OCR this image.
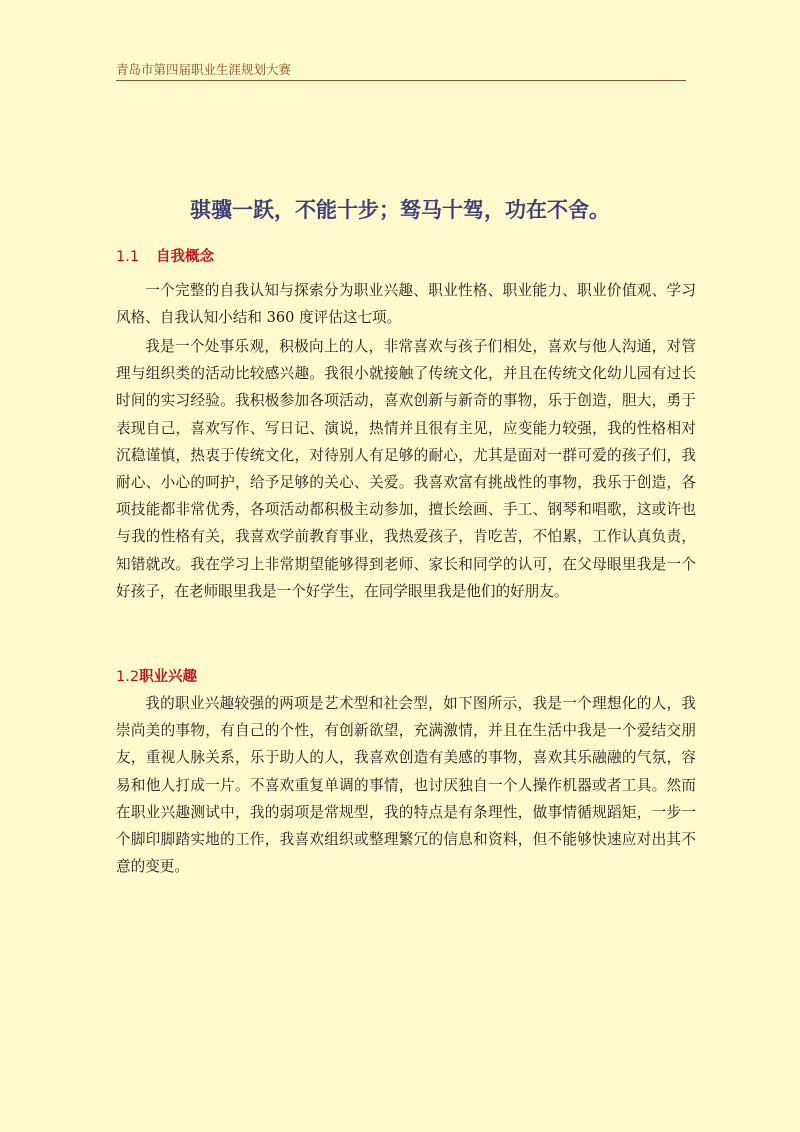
青岛市第四届职业生涯规划大赛
骐骥一跃，不能十步；驽马十驾，功在不舍。
1.1 自我概念

一个完整的自我认知与探索分为职业兴趣、职业性格、职业能力、职业价值观、学习风格、自我认知小结和 360 度评估这七项。

我是一个处事乐观，积极向上的人，非常喜欢与孩子们相处，喜欢与他人沟通，对管理与组织类的活动比较感兴趣。我很小就接触了传统文化，并且在传统文化幼儿园有过长时间的实习经验。我积极参加各项活动，喜欢创新与新奇的事物，乐于创造，胆大，勇于表现自己，喜欢写作、写日记、演说，热情并且很有主见，应变能力较强，我的性格相对沉稳谨慎，热衷于传统文化，对待别人有足够的耐心，尤其是面对一群可爱的孩子们，我耐心、小心的呵护，给予足够的关心、关爱。我喜欢富有挑战性的事物，我乐于创造，各项技能都非常优秀，各项活动都积极主动参加，擅长绘画、手工、钢琴和唱歌，这或许也与我的性格有关，我喜欢学前教育事业，我热爱孩子，肯吃苦，不怕累，工作认真负责，知错就改。我在学习上非常期望能够得到老师、家长和同学的认可，在父母眼里我是一个好孩子，在老师眼里我是一个好学生，在同学眼里我是他们的好朋友。

1.2职业兴趣

我的职业兴趣较强的两项是艺术型和社会型，如下图所示，我是一个理想化的人，我崇尚美的事物，有自己的个性，有创新欲望，充满激情，并且在生活中我是一个爱结交朋友，重视人脉关系，乐于助人的人，我喜欢创造有美感的事物，喜欢其乐融融的气氛，容易和他人打成一片。不喜欢重复单调的事情，也讨厌独自一个人操作机器或者工具。然而在职业兴趣测试中，我的弱项是常规型，我的特点是有条理性，做事情循规蹈矩，一步一个脚印脚踏实地的工作，我喜欢组织或整理繁冗的信息和资料，但不能够快速应对出其不意的变更。
